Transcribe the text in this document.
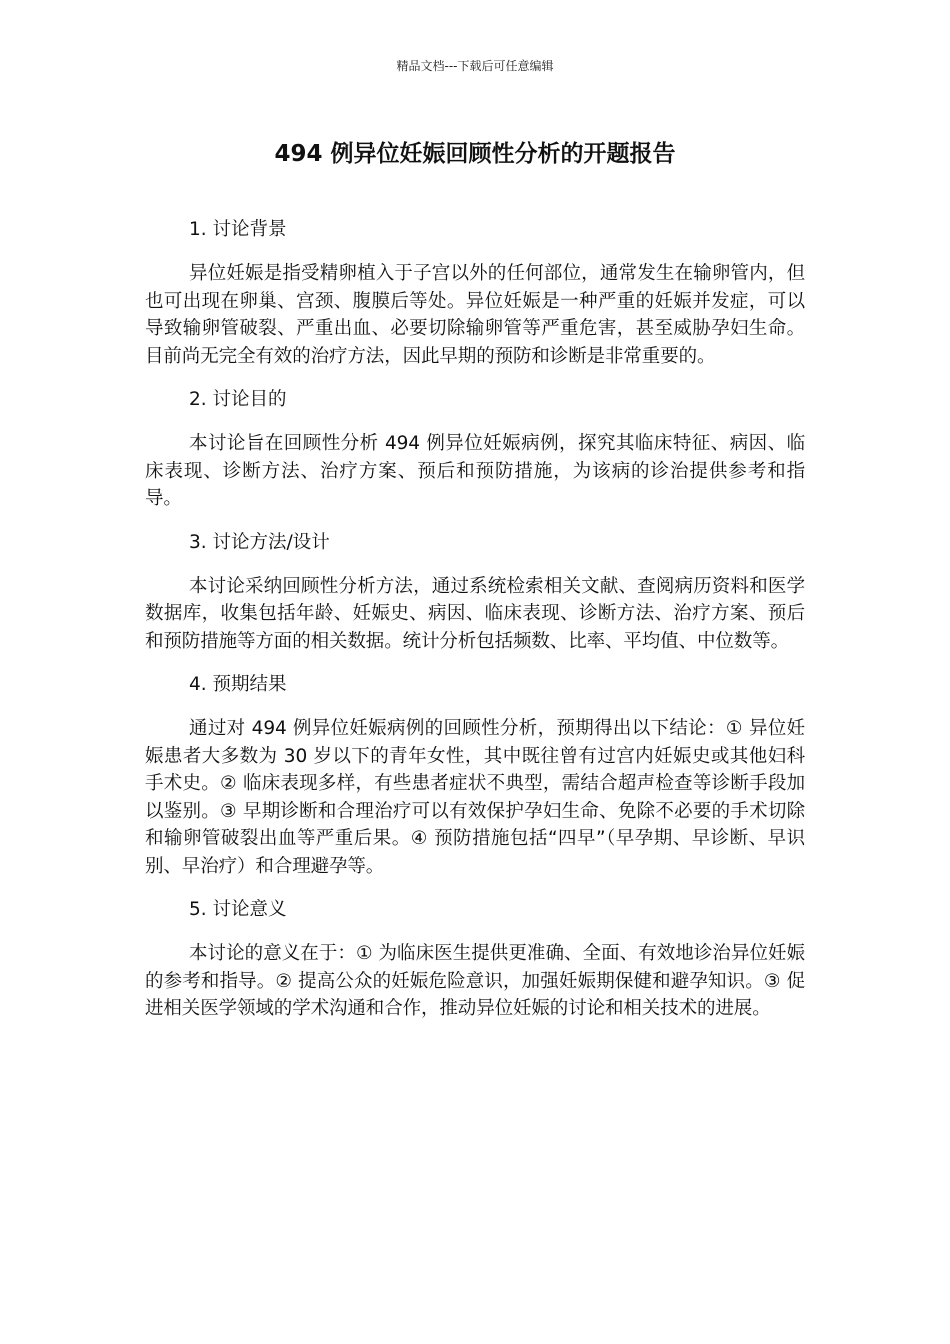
精品文档---下载后可任意编辑
494 例异位妊娠回顾性分析的开题报告

1. 讨论背景

异位妊娠是指受精卵植入于子宫以外的任何部位，通常发生在输卵管内，但也可出现在卵巢、宫颈、腹膜后等处。异位妊娠是一种严重的妊娠并发症，可以导致输卵管破裂、严重出血、必要切除输卵管等严重危害，甚至威胁孕妇生命。目前尚无完全有效的治疗方法，因此早期的预防和诊断是非常重要的。

2. 讨论目的

本讨论旨在回顾性分析 494 例异位妊娠病例，探究其临床特征、病因、临床表现、诊断方法、治疗方案、预后和预防措施，为该病的诊治提供参考和指导。

3. 讨论方法/设计

本讨论采纳回顾性分析方法，通过系统检索相关文献、查阅病历资料和医学数据库，收集包括年龄、妊娠史、病因、临床表现、诊断方法、治疗方案、预后和预防措施等方面的相关数据。统计分析包括频数、比率、平均值、中位数等。

4. 预期结果

通过对 494 例异位妊娠病例的回顾性分析，预期得出以下结论：① 异位妊娠患者大多数为 30 岁以下的青年女性，其中既往曾有过宫内妊娠史或其他妇科手术史。② 临床表现多样，有些患者症状不典型，需结合超声检查等诊断手段加以鉴别。③ 早期诊断和合理治疗可以有效保护孕妇生命、免除不必要的手术切除和输卵管破裂出血等严重后果。④ 预防措施包括“四早”（早孕期、早诊断、早识别、早治疗）和合理避孕等。

5. 讨论意义

本讨论的意义在于：① 为临床医生提供更准确、全面、有效地诊治异位妊娠的参考和指导。② 提高公众的妊娠危险意识，加强妊娠期保健和避孕知识。③ 促进相关医学领域的学术沟通和合作，推动异位妊娠的讨论和相关技术的进展。
